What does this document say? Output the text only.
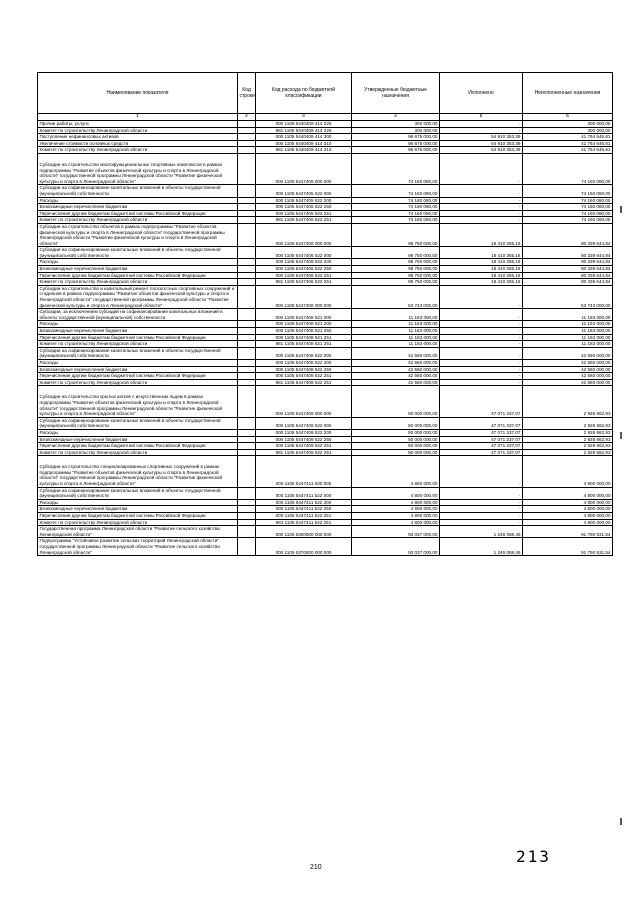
Наименование показателя	Код строки	Код расхода по бюджетной классификации	Утвержденные бюджетные назначения	Исполнено	Неисполненные назначения
1	2	3	4	5	6
Прочие работы, услуги		000 1105 5440409 414 226	300 000,00	-	300 000,00
Комитет по строительству Ленинградской области		981 1105 5440409 414 226	300 000,00	-	300 000,00
Поступление нефинансовых активов		000 1105 5440409 414 300	96 675 000,00	54 910 353,39	41 764 646,61
Увеличение стоимости основных средств		000 1105 5440409 414 310	96 675 000,00	54 910 353,39	41 764 646,61
Комитет по строительству Ленинградской области		981 1105 5440409 414 310	96 675 000,00	54 910 353,39	41 764 646,61
Субсидии на строительство многофункциональных спортивных комплексов в рамках подпрограммы "Развитие объектов физической культуры и спорта в Ленинградской области" государственной программы Ленинградской области "Развитие физической культуры и спорта в Ленинградской области"		000 1105 5447405 000 000	74 160 080,00	-	74 160 080,00
Субсидии на софинансирование капитальных вложений в объекты государственной (муниципальной) собственности		000 1105 5447405 522 000	74 160 080,00	-	74 160 080,00
Расходы		000 1105 5447405 522 200	74 160 080,00	-	74 160 080,00
Безвозмездные перечисления бюджетам		000 1105 5447405 522 250	74 160 080,00	-	74 160 080,00
Перечисления другим бюджетам бюджетной системы Российской Федерации		000 1105 5447405 522 251	74 160 080,00	-	74 160 080,00
Комитет по строительству Ленинградской области		981 1105 5447405 522 251	74 160 080,00	-	74 160 080,00
Субсидии на строительство объектов в рамках подпрограммы "Развитие объектов физической культуры и спорта в Ленинградской области" государственной программы Ленинградской области "Развитие физической культуры и спорта в Ленинградской области"		000 1105 5447406 000 000	98 750 000,00	18 410 355,16	80 339 644,84
Субсидии на софинансирование капитальных вложений в объекты государственной (муниципальной) собственности		000 1105 5447406 522 000	98 750 000,00	18 410 355,16	80 339 644,84
Расходы		000 1105 5447406 522 200	98 750 000,00	18 410 355,16	80 339 644,84
Безвозмездные перечисления бюджетам		000 1105 5447406 522 250	98 750 000,00	18 410 355,16	80 339 644,84
Перечисления другим бюджетам бюджетной системы Российской Федерации		000 1105 5447406 522 251	98 750 000,00	18 410 355,16	80 339 644,84
Комитет по строительству Ленинградской области		981 1105 5447406 522 251	98 750 000,00	18 410 355,16	80 339 644,84
Субсидии на строительство и капитальный ремонт плоскостных спортивных сооружений и стадионов в рамках подпрограммы "Развитие объектов физической культуры и спорта в Ленинградской области" государственной программы Ленинградской области "Развитие физической культуры и спорта в Ленинградской области"		000 1105 5447408 000 000	53 743 000,00	-	53 743 000,00
Субсидии, за исключением субсидий на софинансирование капитальных вложений в объекты государственной (муниципальной) собственности		000 1105 5447408 521 000	11 183 000,00	-	11 183 000,00
Расходы		000 1105 5447408 521 200	11 183 000,00	-	11 183 000,00
Безвозмездные перечисления бюджетам		000 1105 5447408 521 250	11 183 000,00	-	11 183 000,00
Перечисления другим бюджетам бюджетной системы Российской Федерации		000 1105 5447408 521 251	11 183 000,00	-	11 183 000,00
Комитет по строительству Ленинградской области		981 1105 5447408 521 251	11 183 000,00	-	11 183 000,00
Субсидии на софинансирование капитальных вложений в объекты государственной (муниципальной) собственности		000 1105 5447408 522 000	42 560 000,00	-	42 560 000,00
Расходы		000 1105 5447408 522 200	42 560 000,00	-	42 560 000,00
Безвозмездные перечисления бюджетам		000 1105 5447408 522 250	42 560 000,00	-	42 560 000,00
Перечисления другим бюджетам бюджетной системы Российской Федерации		000 1105 5447408 522 251	42 560 000,00	-	42 560 000,00
Комитет по строительству Ленинградской области		981 1105 5447408 522 251	42 560 000,00	-	42 560 000,00
Субсидии на строительство крытых катков с искусственным льдом в рамках подпрограммы "Развитие объектов физической культуры и спорта в Ленинградской области" государственной программы Ленинградской области "Развитие физической культуры и спорта в Ленинградской области"		000 1105 5447409 000 000	50 000 000,00	47 071 337,07	2 928 662,93
Субсидии на софинансирование капитальных вложений в объекты государственной (муниципальной) собственности		000 1105 5447409 522 000	50 000 000,00	47 071 337,07	2 928 662,93
Расходы		000 1105 5447409 522 200	50 000 000,00	47 071 337,07	2 928 662,93
Безвозмездные перечисления бюджетам		000 1105 5447409 522 250	50 000 000,00	47 071 337,07	2 928 662,93
Перечисления другим бюджетам бюджетной системы Российской Федерации		000 1105 5447409 522 251	50 000 000,00	47 071 337,07	2 928 662,93
Комитет по строительству Ленинградской области		981 1105 5447409 522 251	50 000 000,00	47 071 337,07	2 928 662,93
Субсидии на строительство специализированных спортивных сооружений в рамках подпрограммы "Развитие объектов физической культуры и спорта в Ленинградской области" государственной программы Ленинградской области "Развитие физической культуры и спорта в Ленинградской области"		000 1105 5447411 000 000	4 800 000,00	-	4 800 000,00
Субсидии на софинансирование капитальных вложений в объекты государственной (муниципальной) собственности		000 1105 5447411 522 000	4 800 000,00	-	4 800 000,00
Расходы		000 1105 5447411 522 200	4 800 000,00	-	4 800 000,00
Безвозмездные перечисления бюджетам		000 1105 5447411 522 250	4 800 000,00	-	4 800 000,00
Перечисления другим бюджетам бюджетной системы Российской Федерации		000 1105 5447411 522 251	4 800 000,00	-	4 800 000,00
Комитет по строительству Ленинградской области		981 1105 5447411 522 251	4 800 000,00	-	4 800 000,00
Государственная программа Ленинградской области "Развитие сельского хозяйства Ленинградской области"		000 1105 6300000 000 000	93 037 000,00	1 246 068,46	91 790 931,54
Подпрограмма "Устойчивое развитие сельских территорий Ленинградской области" государственной программы Ленинградской области "Развитие сельского хозяйства Ленинградской области"		000 1105 6370000 000 000	93 037 000,00	1 246 068,46	91 790 931,54
210
213
